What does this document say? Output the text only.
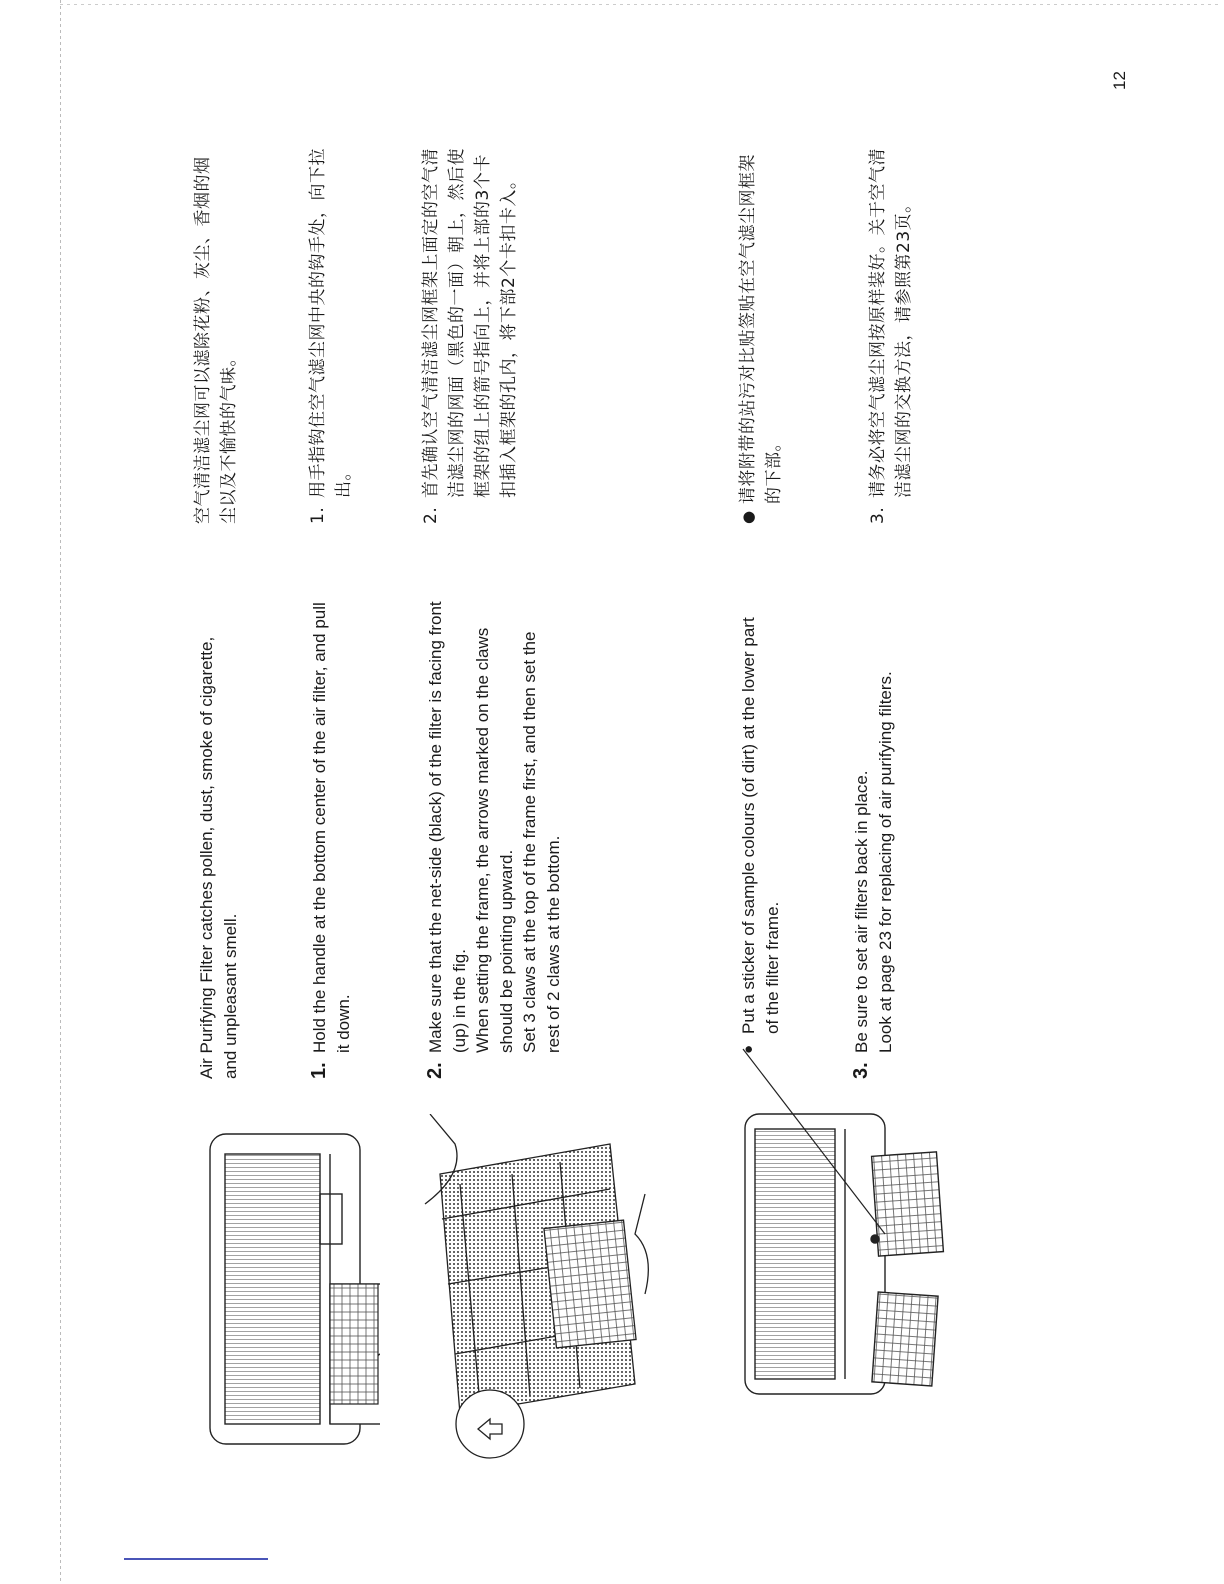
12
Air Purifying Filter catches pollen, dust, smoke of cigarette, and unpleasant smell.	1.
Hold the handle at the bottom center of the air filter, and pull it down.
2.
Make sure that the net-side (black) of the filter is facing front (up) in the fig. When setting the frame, the arrows marked on the claws should be pointing upward. Set 3 claws at the top of the frame first, and then set the rest of 2 claws at the bottom.	●
Put a sticker of sample colours (of dirt) at the lower part of the filter frame.
3.
Be sure to set air filters back in place. Look at page 23 for replacing of air purifying filters.
空气清洁滤尘网可以滤除花粉、灰尘、香烟的烟尘以及不愉快的气味。	1.
用手指钩住空气滤尘网中央的钩手处，向下拉出。
2.
首先确认空气清洁滤尘网框架上面定的空气清洁滤尘网的网面（黑色的一面）朝上，然后使框架的纽上的箭号指向上，并将上部的3个卡扣插入框架的孔内，将下部2个卡扣卡入。
●
请将附带的站污对比贴签贴在空气滤尘网框架的下部。
3.
请务必将空气滤尘网按原样装好。关于空气清洁滤尘网的交换方法，请参照第23页。
